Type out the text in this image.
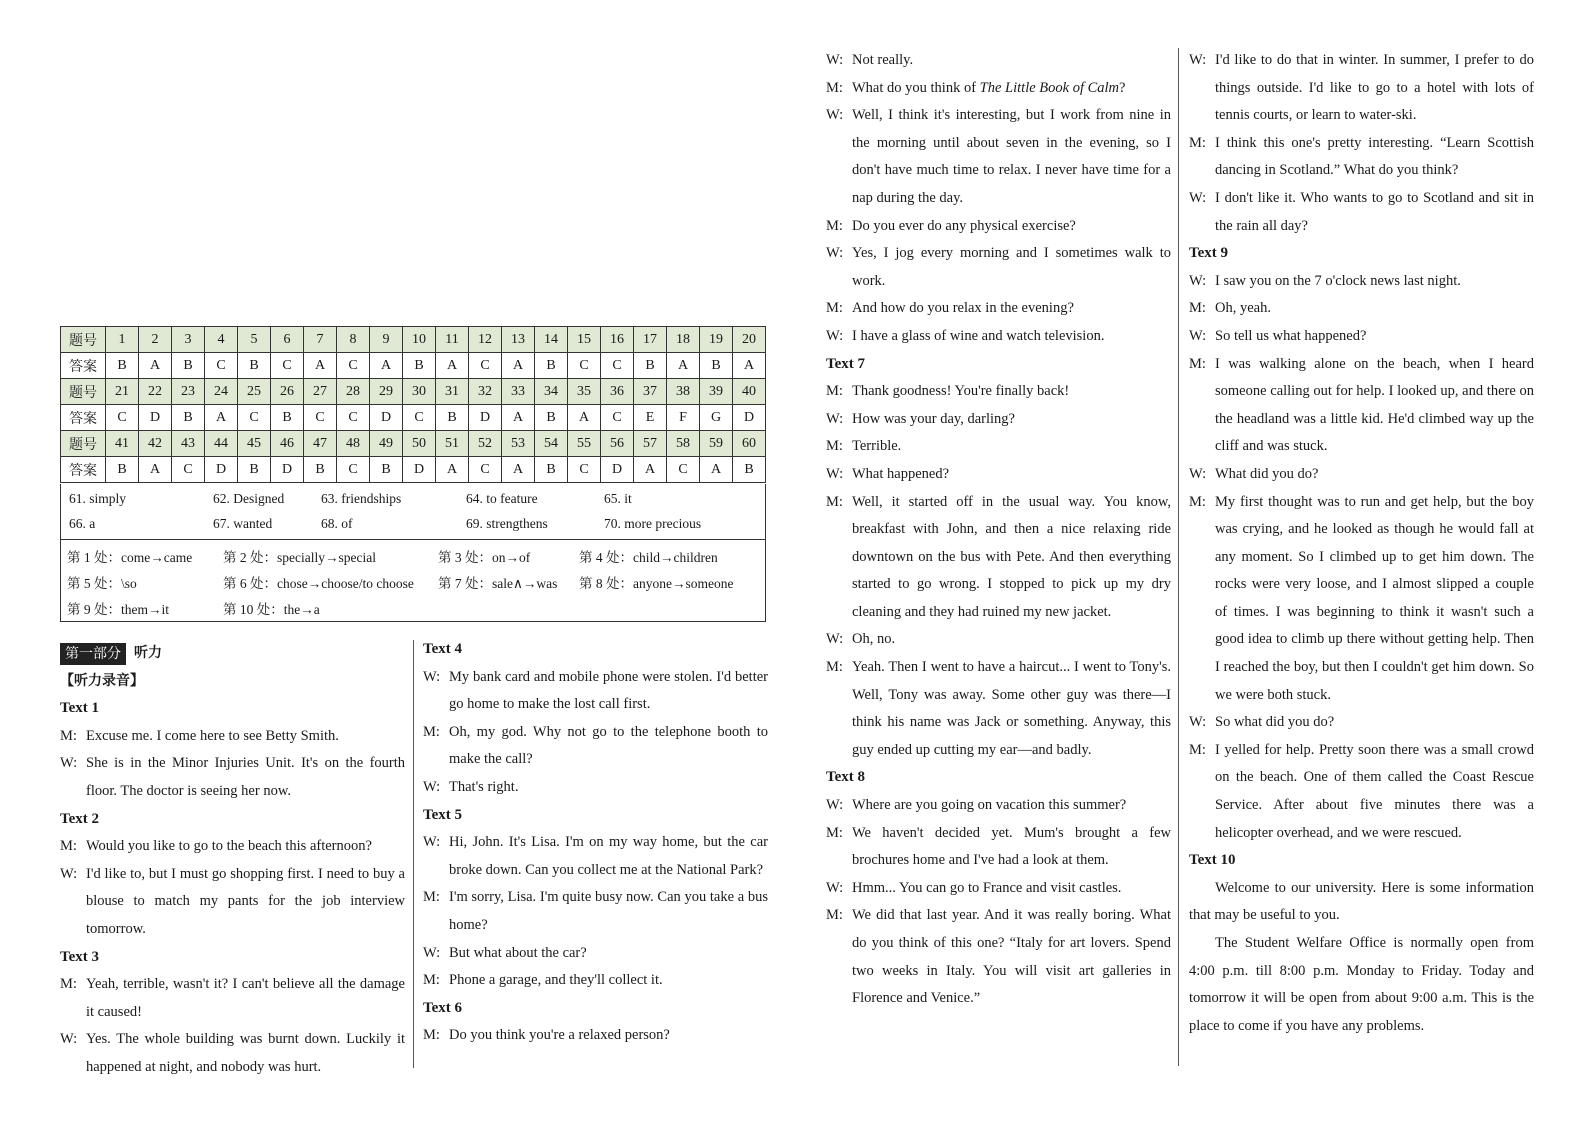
题号	1	2	3	4	5	6	7	8	9	10	11	12	13	14	15	16	17	18	19	20
答案	B	A	B	C	B	C	A	C	A	B	A	C	A	B	C	C	B	A	B	A
题号	21	22	23	24	25	26	27	28	29	30	31	32	33	34	35	36	37	38	39	40
答案	C	D	B	A	C	B	C	C	D	C	B	D	A	B	A	C	E	F	G	D
题号	41	42	43	44	45	46	47	48	49	50	51	52	53	54	55	56	57	58	59	60
答案	B	A	C	D	B	D	B	C	B	D	A	C	A	B	C	D	A	C	A	B
61. simply	62. Designed	63. friendships	64. to feature	65. it
66. a	67. wanted	68. of	69. strengthens	70. more precious
第 1 处：come→came 第 2 处：specially→special	第 3 处：on→of	第 4 处：child→children
第 5 处：\so	第 6 处：chose→choose/to choose 第 7 处：sale∧→was 第 8 处：anyone→someone
第 9 处：them→it	第 10 处：the→a
第一部分 听力
【听力录音】
Text 1
M: Excuse me. I come here to see Betty Smith.
W: She is in the Minor Injuries Unit. It's on the fourth floor. The doctor is seeing her now.
Text 2
M: Would you like to go to the beach this afternoon?
W: I'd like to, but I must go shopping first. I need to buy a blouse to match my pants for the job interview tomorrow.
Text 3
M: Yeah, terrible, wasn't it? I can't believe all the damage it caused!
W: Yes. The whole building was burnt down. Luckily it happened at night, and nobody was hurt.
Text 4
W: My bank card and mobile phone were stolen. I'd better go home to make the lost call first.
M: Oh, my god. Why not go to the telephone booth to make the call?
W: That's right.
Text 5
W: Hi, John. It's Lisa. I'm on my way home, but the car broke down. Can you collect me at the National Park?
M: I'm sorry, Lisa. I'm quite busy now. Can you take a bus home?
W: But what about the car?
M: Phone a garage, and they'll collect it.
Text 6
M: Do you think you're a relaxed person?
W: Not really.
M: What do you think of The Little Book of Calm?
W: Well, I think it's interesting, but I work from nine in the morning until about seven in the evening, so I don't have much time to relax. I never have time for a nap during the day.
M: Do you ever do any physical exercise?
W: Yes, I jog every morning and I sometimes walk to work.
M: And how do you relax in the evening?
W: I have a glass of wine and watch television.
Text 7
M: Thank goodness! You're finally back!
W: How was your day, darling?
M: Terrible.
W: What happened?
M: Well, it started off in the usual way. You know, breakfast with John, and then a nice relaxing ride downtown on the bus with Pete. And then everything started to go wrong. I stopped to pick up my dry cleaning and they had ruined my new jacket.
W: Oh, no.
M: Yeah. Then I went to have a haircut... I went to Tony's. Well, Tony was away. Some other guy was there—I think his name was Jack or something. Anyway, this guy ended up cutting my ear—and badly.
Text 8
W: Where are you going on vacation this summer?
M: We haven't decided yet. Mum's brought a few brochures home and I've had a look at them.
W: Hmm... You can go to France and visit castles.
M: We did that last year. And it was really boring. What do you think of this one? “Italy for art lovers. Spend two weeks in Italy. You will visit art galleries in Florence and Venice.”
W: I'd like to do that in winter. In summer, I prefer to do things outside. I'd like to go to a hotel with lots of tennis courts, or learn to water-ski.
M: I think this one's pretty interesting. “Learn Scottish dancing in Scotland.” What do you think?
W: I don't like it. Who wants to go to Scotland and sit in the rain all day?
Text 9
W: I saw you on the 7 o'clock news last night.
M: Oh, yeah.
W: So tell us what happened?
M: I was walking alone on the beach, when I heard someone calling out for help. I looked up, and there on the headland was a little kid. He'd climbed way up the cliff and was stuck.
W: What did you do?
M: My first thought was to run and get help, but the boy was crying, and he looked as though he would fall at any moment. So I climbed up to get him down. The rocks were very loose, and I almost slipped a couple of times. I was beginning to think it wasn't such a good idea to climb up there without getting help. Then I reached the boy, but then I couldn't get him down. So we were both stuck.
W: So what did you do?
M: I yelled for help. Pretty soon there was a small crowd on the beach. One of them called the Coast Rescue Service. After about five minutes there was a helicopter overhead, and we were rescued.
Text 10
Welcome to our university. Here is some information that may be useful to you.
The Student Welfare Office is normally open from 4:00 p.m. till 8:00 p.m. Monday to Friday. Today and tomorrow it will be open from about 9:00 a.m. This is the place to come if you have any problems.
